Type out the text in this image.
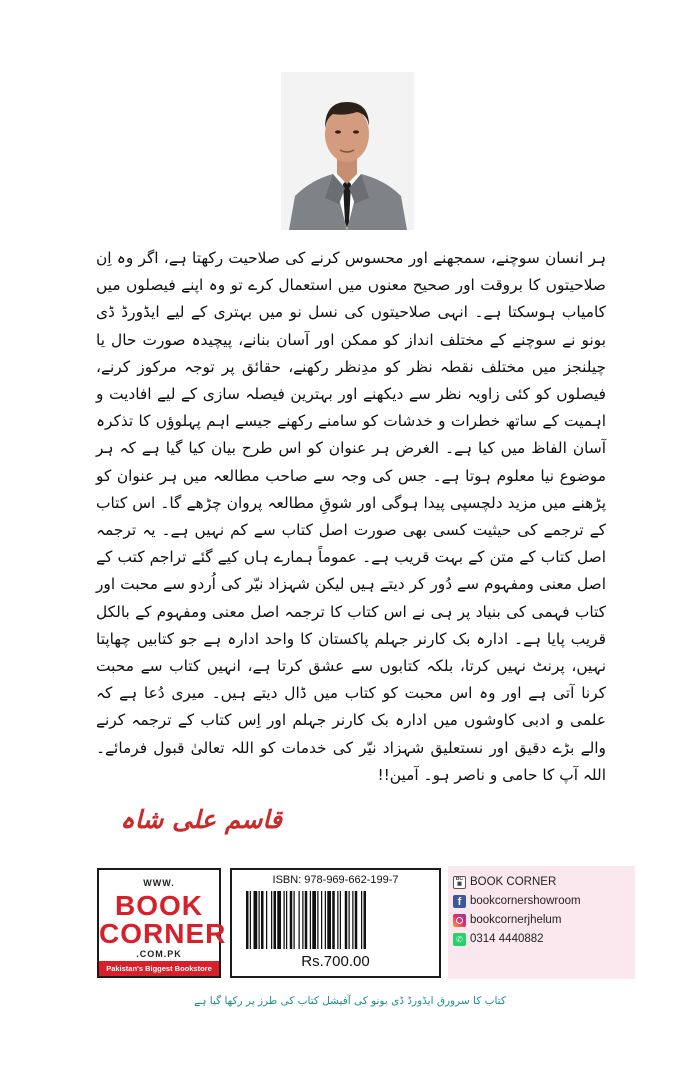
ہر انسان سوچنے، سمجھنے اور محسوس کرنے کی صلاحیت رکھتا ہے، اگر وہ اِن صلاحیتوں کا بروقت اور صحیح معنوں میں استعمال کرے تو وہ اپنے فیصلوں میں کامیاب ہوسکتا ہے۔ انہی صلاحیتوں کی نسل نو میں بہتری کے لیے ایڈورڈ ڈی بونو نے سوچنے کے مختلف انداز کو ممکن اور آسان بنانے، پیچیدہ صورت حال یا چیلنجز میں مختلف نقطہ نظر کو مدِنظر رکھنے، حقائق پر توجہ مرکوز کرنے، فیصلوں کو کئی زاویہ نظر سے دیکھنے اور بہترین فیصلہ سازی کے لیے افادیت و اہمیت کے ساتھ خطرات و خدشات کو سامنے رکھنے جیسے اہم پہلوؤں کا تذکرہ آسان الفاظ میں کیا ہے۔ الغرض ہر عنوان کو اس طرح بیان کیا گیا ہے کہ ہر موضوع نیا معلوم ہوتا ہے۔ جس کی وجہ سے صاحب مطالعہ میں ہر عنوان کو پڑھنے میں مزید دلچسپی پیدا ہوگی اور شوقِ مطالعہ پروان چڑھے گا۔ اس کتاب کے ترجمے کی حیثیت کسی بھی صورت اصل کتاب سے کم نہیں ہے۔ یہ ترجمہ اصل کتاب کے متن کے بہت قریب ہے۔ عموماً ہمارے ہاں کیے گئے تراجم کتب کے اصل معنی ومفہوم سے دُور کر دیتے ہیں لیکن شہزاد نیّر کی اُردو سے محبت اور کتاب فہمی کی بنیاد پر ہی نے اس کتاب کا ترجمہ اصل معنی ومفہوم کے بالکل قریب پایا ہے۔ ادارہ بک کارنر جہلم پاکستان کا واحد ادارہ ہے جو کتابیں چھاپتا نہیں، پرنٹ نہیں کرتا، بلکہ کتابوں سے عشق کرتا ہے، انہیں کتاب سے محبت کرنا آتی ہے اور وہ اس محبت کو کتاب میں ڈال دیتے ہیں۔ میری دُعا ہے کہ علمی و ادبی کاوشوں میں ادارہ بک کارنر جہلم اور اِس کتاب کے ترجمہ کرنے والے بڑے دقیق اور نستعلیق شہزاد نیّر کی خدمات کو اللہ تعالیٰ قبول فرمائے۔ اللہ آپ کا حامی و ناصر ہو۔ آمین!!

قاسم علی شاہ
WWW.
BOOK
CORNER
.COM.PK
Pakistan's Biggest Bookstore
ISBN: 978-969-662-199-7
Rs.700.00
BC
▦ BOOK CORNER
f bookcornershowroom
bookcornerjhelum
✆ 0314 4440882
کتاب کا سرورق ایڈورڈ ڈی بونو کی آفیشل کتاب کی طرز پر رکھا گیا ہے
